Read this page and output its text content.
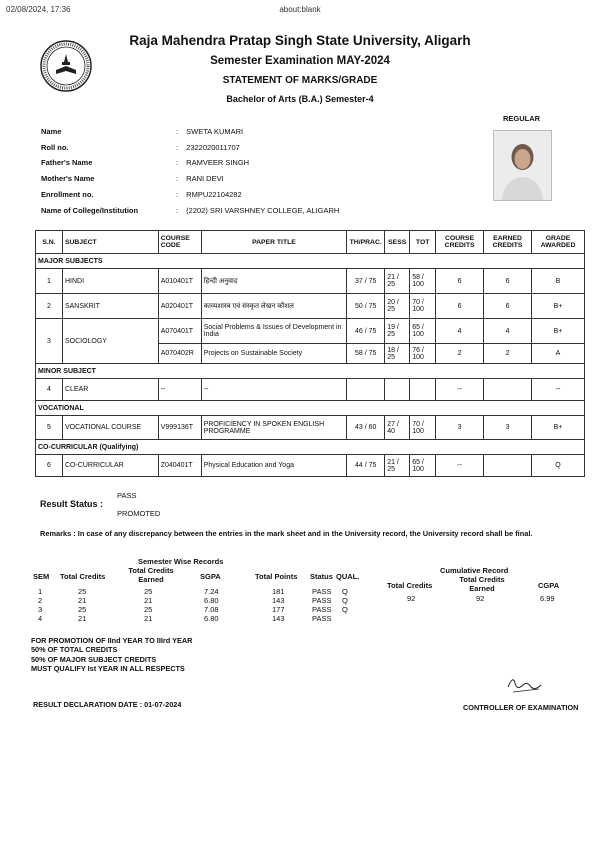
02/08/2024, 17:36	about:blank
Raja Mahendra Pratap Singh State University, Aligarh
Semester Examination MAY-2024
STATEMENT OF MARKS/GRADE
Bachelor of Arts (B.A.) Semester-4
REGULAR
Name	: SWETA KUMARI
Roll no.	: 2322020011707
Father's Name	: RAMVEER SINGH
Mother's Name	: RANI DEVI
Enrollment no.	: RMPU22104282
Name of College/Institution	: (2202) SRI VARSHNEY COLLEGE, ALIGARH
S.N.	SUBJECT	COURSE CODE	PAPER TITLE	TH/PRAC.	SESS	TOT	COURSE CREDITS	EARNED CREDITS	GRADE AWARDED
MAJOR SUBJECTS									
1	HINDI	A010401T	हिन्दी अनुवाद	37 / 75	21 / 25	58 / 100	6	6	B
2	SANSKRIT	A020401T	काव्यशास्त्र एवं संस्कृत लेखन कौशल	50 / 75	20 / 25	70 / 100	6	6	B+
3	SOCIOLOGY	A070401T	Social Problems & Issues of Development in India	46 / 75	19 / 25	65 / 100	4	4	B+
		A070402R	Projects on Sustainable Society	58 / 75	18 / 25	76 / 100	2	2	A
MINOR SUBJECT									
4	CLEAR	--	--				--		--
VOCATIONAL									
5	VOCATIONAL COURSE	V999136T	PROFICIENCY IN SPOKEN ENGLISH PROGRAMME	43 / 60	27 / 40	70 / 100	3	3	B+
CO-CURRICULAR (Qualifying)									
6	CO-CURRICULAR	Z040401T	Physical Education and Yoga	44 / 75	21 / 25	65 / 100	--		Q
Result Status :
PASS
PROMOTED
Remarks : In case of any discrepancy between the entries in the mark sheet and in the University record, the University record shall be final.
Semester Wise Records
SEM Total Credits
Total Credits Earned	SGPA	Total Points Status QUAL.
1	25	25	7.24	181	PASS Q
2	21	21	6.80	143	PASS Q
3	25	25	7.08	177	PASS Q
4	21	21	6.80	143	PASS
Cumulative Record
Total Credits
Total Credits Earned	CGPA
92	92	6.99
FOR PROMOTION OF IInd YEAR TO IIIrd YEAR
50% OF TOTAL CREDITS
50% OF MAJOR SUBJECT CREDITS
MUST QUALIFY Ist YEAR IN ALL RESPECTS
RESULT DECLARATION DATE : 01-07-2024	CONTROLLER OF EXAMINATION
